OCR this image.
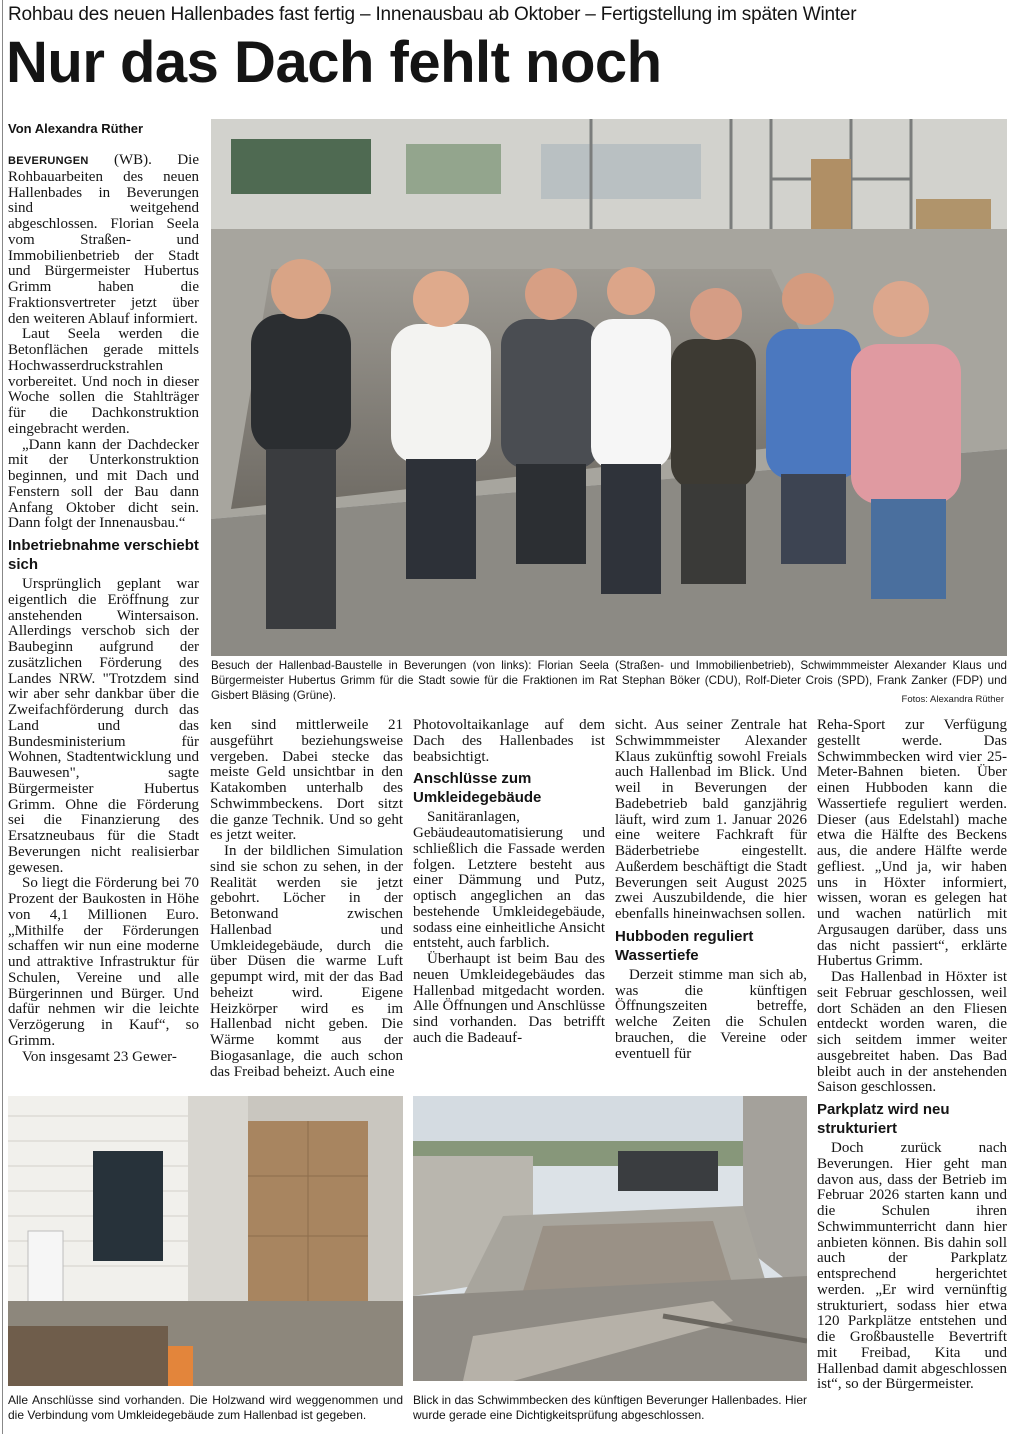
Rohbau des neuen Hallenbades fast fertig – Innenausbau ab Oktober – Fertigstellung im späten Winter
Nur das Dach fehlt noch
Von Alexandra Rüther
Besuch der Hallenbad-Baustelle in Beverungen (von links): Florian Seela (Straßen- und Immobilienbetrieb), Schwimmmeister Alexander Klaus und Bürgermeister Hubertus Grimm für die Stadt sowie für die Fraktionen im Rat Stephan Böker (CDU), Rolf-Dieter Crois (SPD), Frank Zanker (FDP) und Gisbert Bläsing (Grüne).	Fotos: Alexandra Rüther

BEVERUNGEN (WB). Die Rohbauarbeiten des neuen Hallenbades in Beverungen sind weitgehend abgeschlossen. Florian Seela vom Straßen- und Immobilienbetrieb der Stadt und Bürgermeister Hubertus Grimm haben die Fraktionsvertreter jetzt über den weiteren Ablauf informiert.

Laut Seela werden die Betonflächen gerade mittels Hochwasserdruckstrahlen vorbereitet. Und noch in dieser Woche sollen die Stahlträger für die Dachkonstruktion eingebracht werden.

„Dann kann der Dachdecker mit der Unterkonstruktion beginnen, und mit Dach und Fenstern soll der Bau dann Anfang Oktober dicht sein. Dann folgt der Innenausbau.“

Inbetriebnahme verschiebt sich

Ursprünglich geplant war eigentlich die Eröffnung zur anstehenden Wintersaison. Allerdings verschob sich der Baubeginn aufgrund der zusätzlichen Förderung des Landes NRW. "Trotzdem sind wir aber sehr dankbar über die Zweifachförderung durch das Land und das Bundesministerium für Wohnen, Stadtentwicklung und Bauwesen", sagte Bürgermeister Hubertus Grimm. Ohne die Förderung sei die Finanzierung des Ersatzneubaus für die Stadt Beverungen nicht realisierbar gewesen.

So liegt die Förderung bei 70 Prozent der Baukosten in Höhe von 4,1 Millionen Euro. „Mithilfe der Förderungen schaffen wir nun eine moderne und attraktive Infrastruktur für Schulen, Vereine und alle Bürgerinnen und Bürger. Und dafür nehmen wir die leichte Verzögerung in Kauf“, so Grimm.

Von insgesamt 23 Gewer-

ken sind mittlerweile 21 ausgeführt beziehungsweise vergeben. Dabei stecke das meiste Geld unsichtbar in den Katakomben unterhalb des Schwimmbeckens. Dort sitzt die ganze Technik. Und so geht es jetzt weiter.

In der bildlichen Simulation sind sie schon zu sehen, in der Realität werden sie jetzt gebohrt. Löcher in der Betonwand zwischen Hallenbad und Umkleidegebäude, durch die über Düsen die warme Luft gepumpt wird, mit der das Bad beheizt wird. Eigene Heizkörper wird es im Hallenbad nicht geben. Die Wärme kommt aus der Biogasanlage, die auch schon das Freibad beheizt. Auch eine

Photovoltaikanlage auf dem Dach des Hallenbades ist beabsichtigt.

Anschlüsse zum Umkleidegebäude

Sanitäranlagen, Gebäudeautomatisierung und schließlich die Fassade werden folgen. Letztere besteht aus einer Dämmung und Putz, optisch angeglichen an das bestehende Umkleidegebäude, sodass eine einheitliche Ansicht entsteht, auch farblich.

Überhaupt ist beim Bau des neuen Umkleidegebäudes das Hallenbad mitgedacht worden. Alle Öffnungen und Anschlüsse sind vorhanden. Das betrifft auch die Badeauf-

sicht. Aus seiner Zentrale hat Schwimmmeister Alexander Klaus zukünftig sowohl Freials auch Hallenbad im Blick. Und weil in Beverungen der Badebetrieb bald ganzjährig läuft, wird zum 1. Januar 2026 eine weitere Fachkraft für Bäderbetriebe eingestellt. Außerdem beschäftigt die Stadt Beverungen seit August 2025 zwei Auszubildende, die hier ebenfalls hineinwachsen sollen.

Hubboden reguliert Wassertiefe

Derzeit stimme man sich ab, was die künftigen Öffnungszeiten betreffe, welche Zeiten die Schulen brauchen, die Vereine oder eventuell für

Reha-Sport zur Verfügung gestellt werde. Das Schwimmbecken wird vier 25-Meter-Bahnen bieten. Über einen Hubboden kann die Wassertiefe reguliert werden. Dieser (aus Edelstahl) mache etwa die Hälfte des Beckens aus, die andere Hälfte werde gefliest. „Und ja, wir haben uns in Höxter informiert, wissen, woran es gelegen hat und wachen natürlich mit Argusaugen darüber, dass uns das nicht passiert“, erklärte Hubertus Grimm.

Das Hallenbad in Höxter ist seit Februar geschlossen, weil dort Schäden an den Fliesen entdeckt worden waren, die sich seitdem immer weiter ausgebreitet haben. Das Bad bleibt auch in der anstehenden Saison geschlossen.

Parkplatz wird neu strukturiert

Doch zurück nach Beverungen. Hier geht man davon aus, dass der Betrieb im Februar 2026 starten kann und die Schulen ihren Schwimmunterricht dann hier anbieten können. Bis dahin soll auch der Parkplatz entsprechend hergerichtet werden. „Er wird vernünftig strukturiert, sodass hier etwa 120 Parkplätze entstehen und die Großbaustelle Bevertrift mit Freibad, Kita und Hallenbad damit abgeschlossen ist“, so der Bürgermeister.

Alle Anschlüsse sind vorhanden. Die Holzwand wird weggenommen und die Verbindung vom Umkleidegebäude zum Hallenbad ist gegeben.
Blick in das Schwimmbecken des künftigen Beverunger Hallenbades. Hier wurde gerade eine Dichtigkeitsprüfung abgeschlossen.
